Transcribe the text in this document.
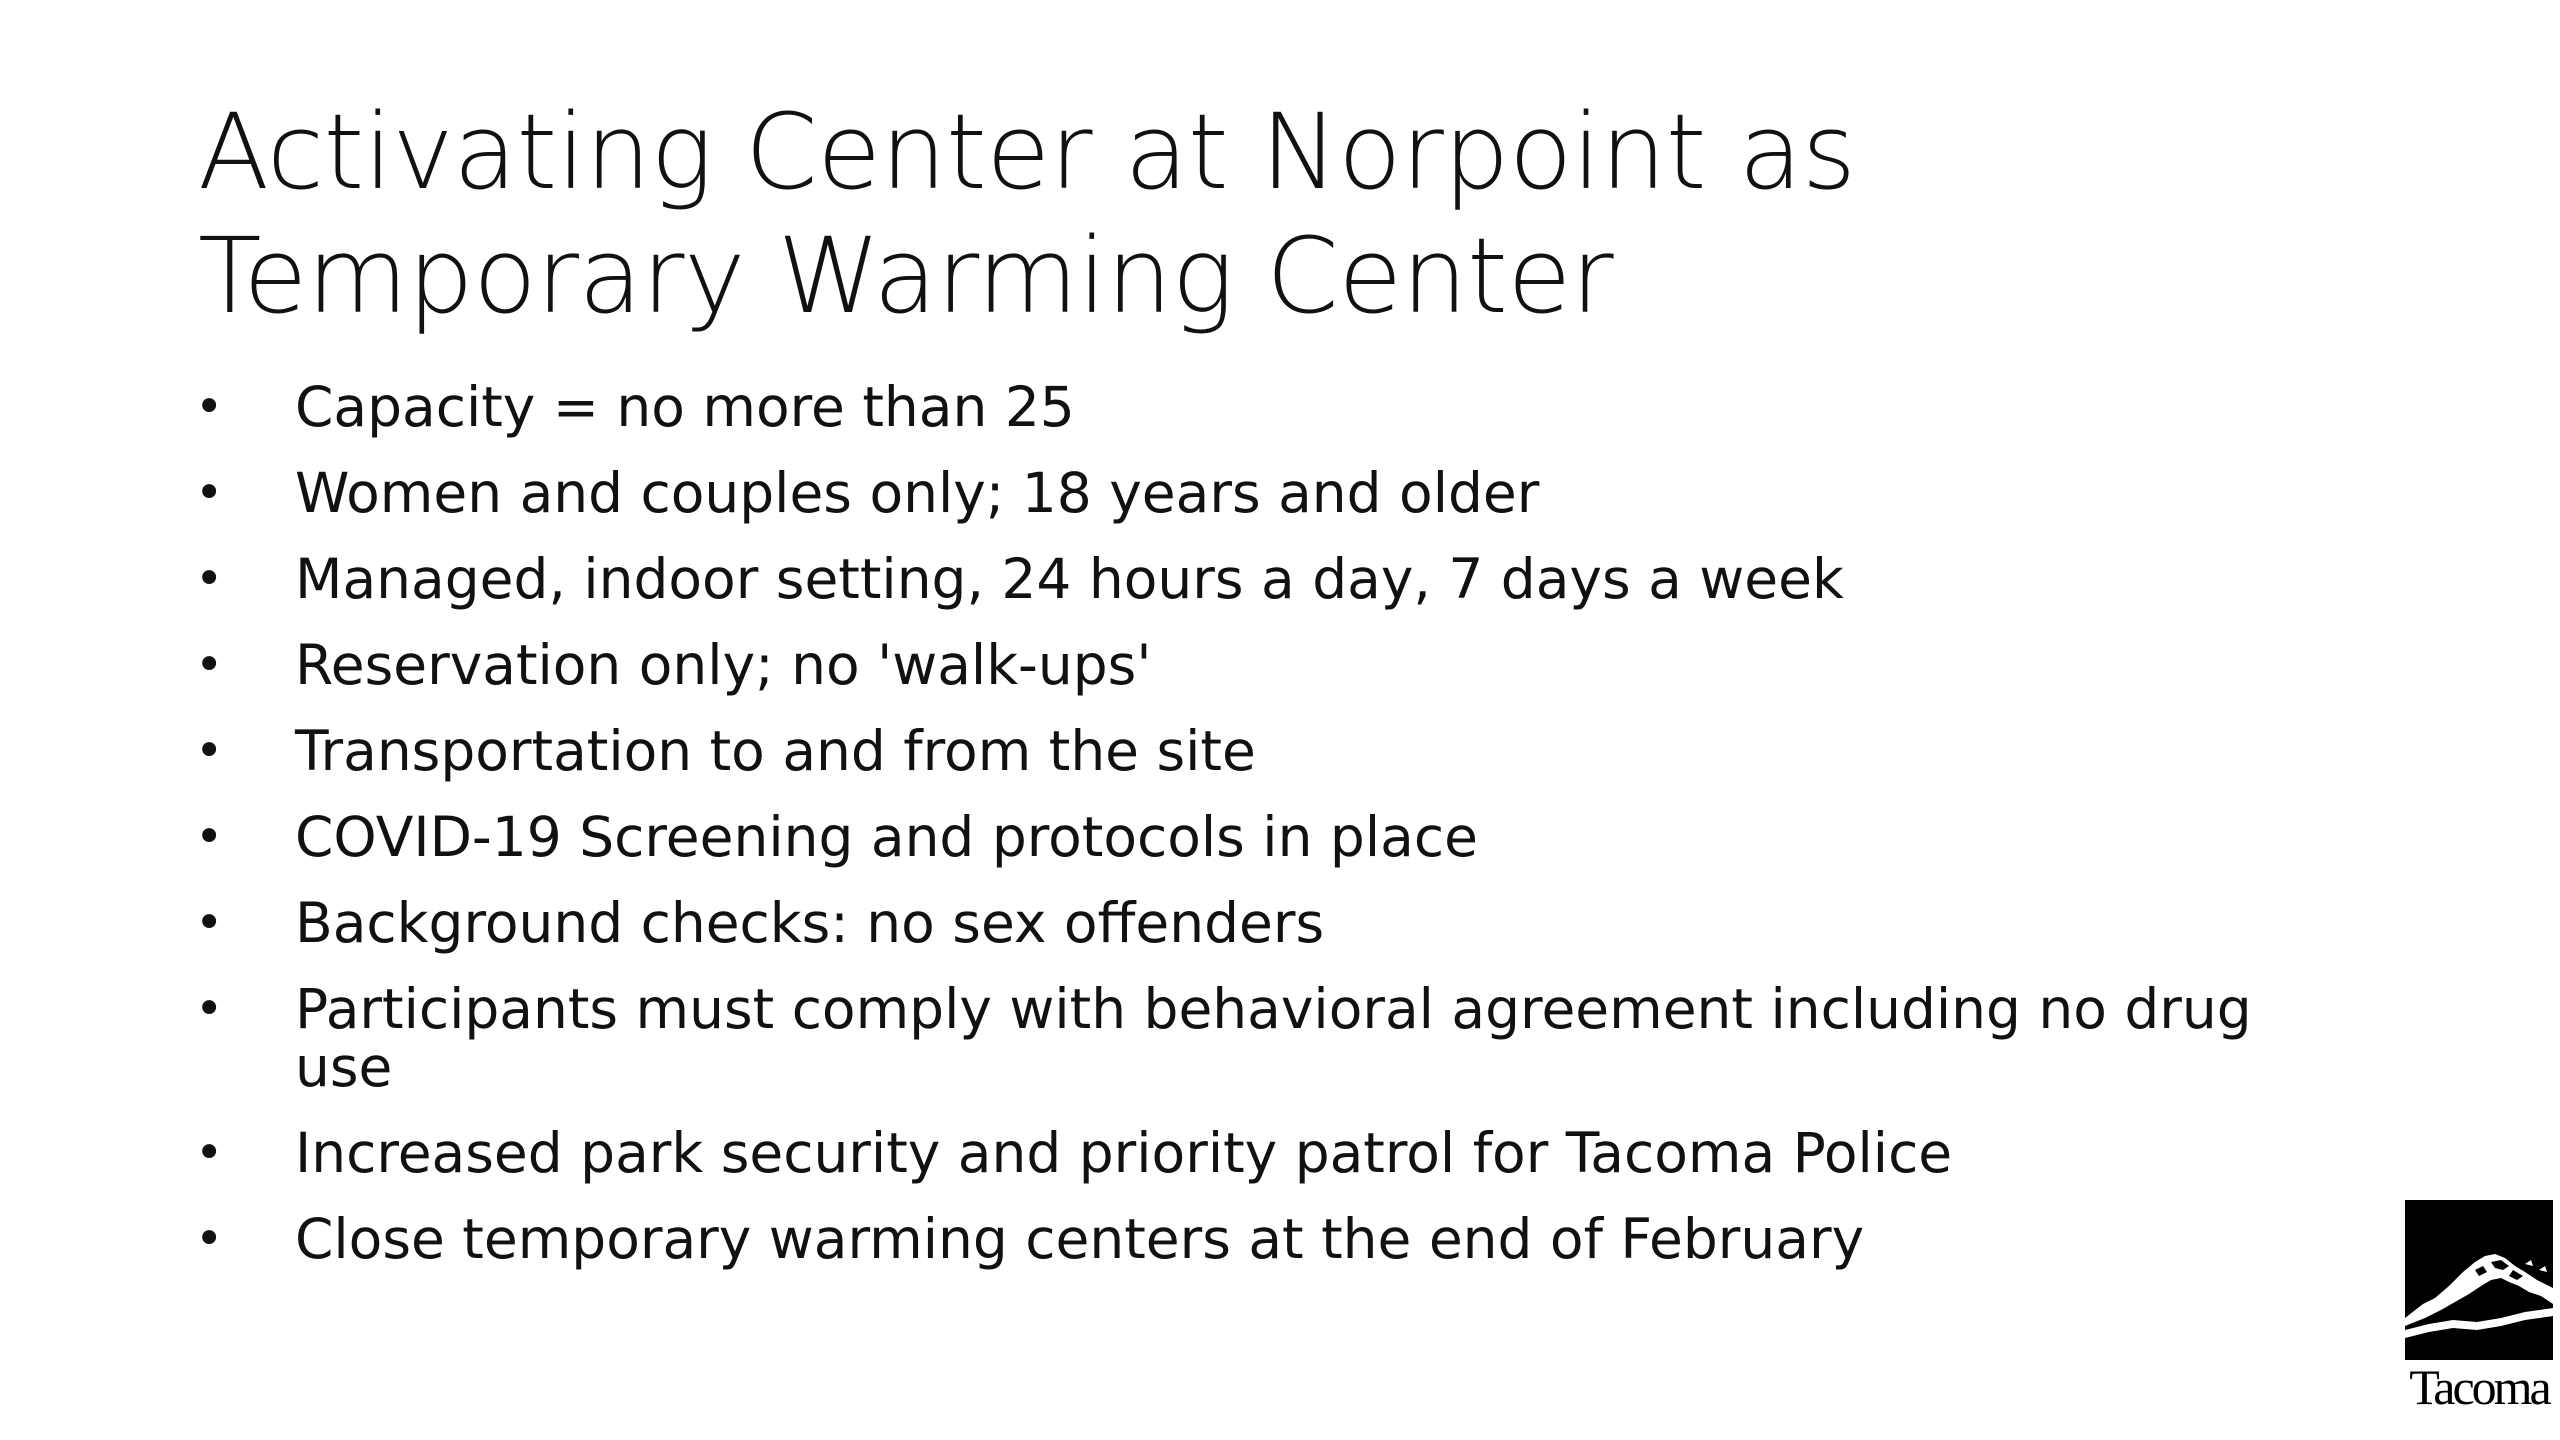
Activating Center at Norpoint as Temporary Warming Center
• Capacity = no more than 25
• Women and couples only; 18 years and older
• Managed, indoor setting, 24 hours a day, 7 days a week
• Reservation only; no 'walk-ups'
• Transportation to and from the site
• COVID-19 Screening and protocols in place
• Background checks: no sex offenders
• Participants must comply with behavioral agreement including no drug use
• Increased park security and priority patrol for Tacoma Police
• Close temporary warming centers at the end of February
Tacoma
